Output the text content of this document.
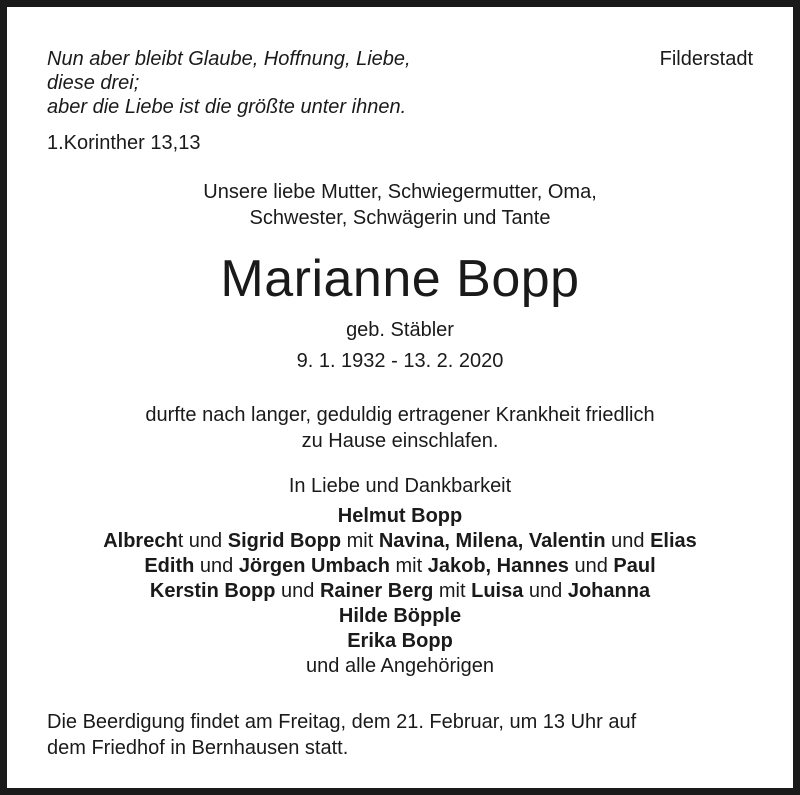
Nun aber bleibt Glaube, Hoffnung, Liebe,
diese drei;
aber die Liebe ist die größte unter ihnen.
1.Korinther 13,13
Filderstadt
Unsere liebe Mutter, Schwiegermutter, Oma,
Schwester, Schwägerin und Tante
Marianne Bopp
geb. Stäbler
9. 1. 1932 - 13. 2. 2020
durfte nach langer, geduldig ertragener Krankheit friedlich
zu Hause einschlafen.
In Liebe und Dankbarkeit
Helmut Bopp
Albrecht und Sigrid Bopp mit Navina, Milena, Valentin und Elias
Edith und Jörgen Umbach mit Jakob, Hannes und Paul
Kerstin Bopp und Rainer Berg mit Luisa und Johanna
Hilde Böpple
Erika Bopp
und alle Angehörigen
Die Beerdigung findet am Freitag, dem 21. Februar, um 13 Uhr auf
dem Friedhof in Bernhausen statt.
